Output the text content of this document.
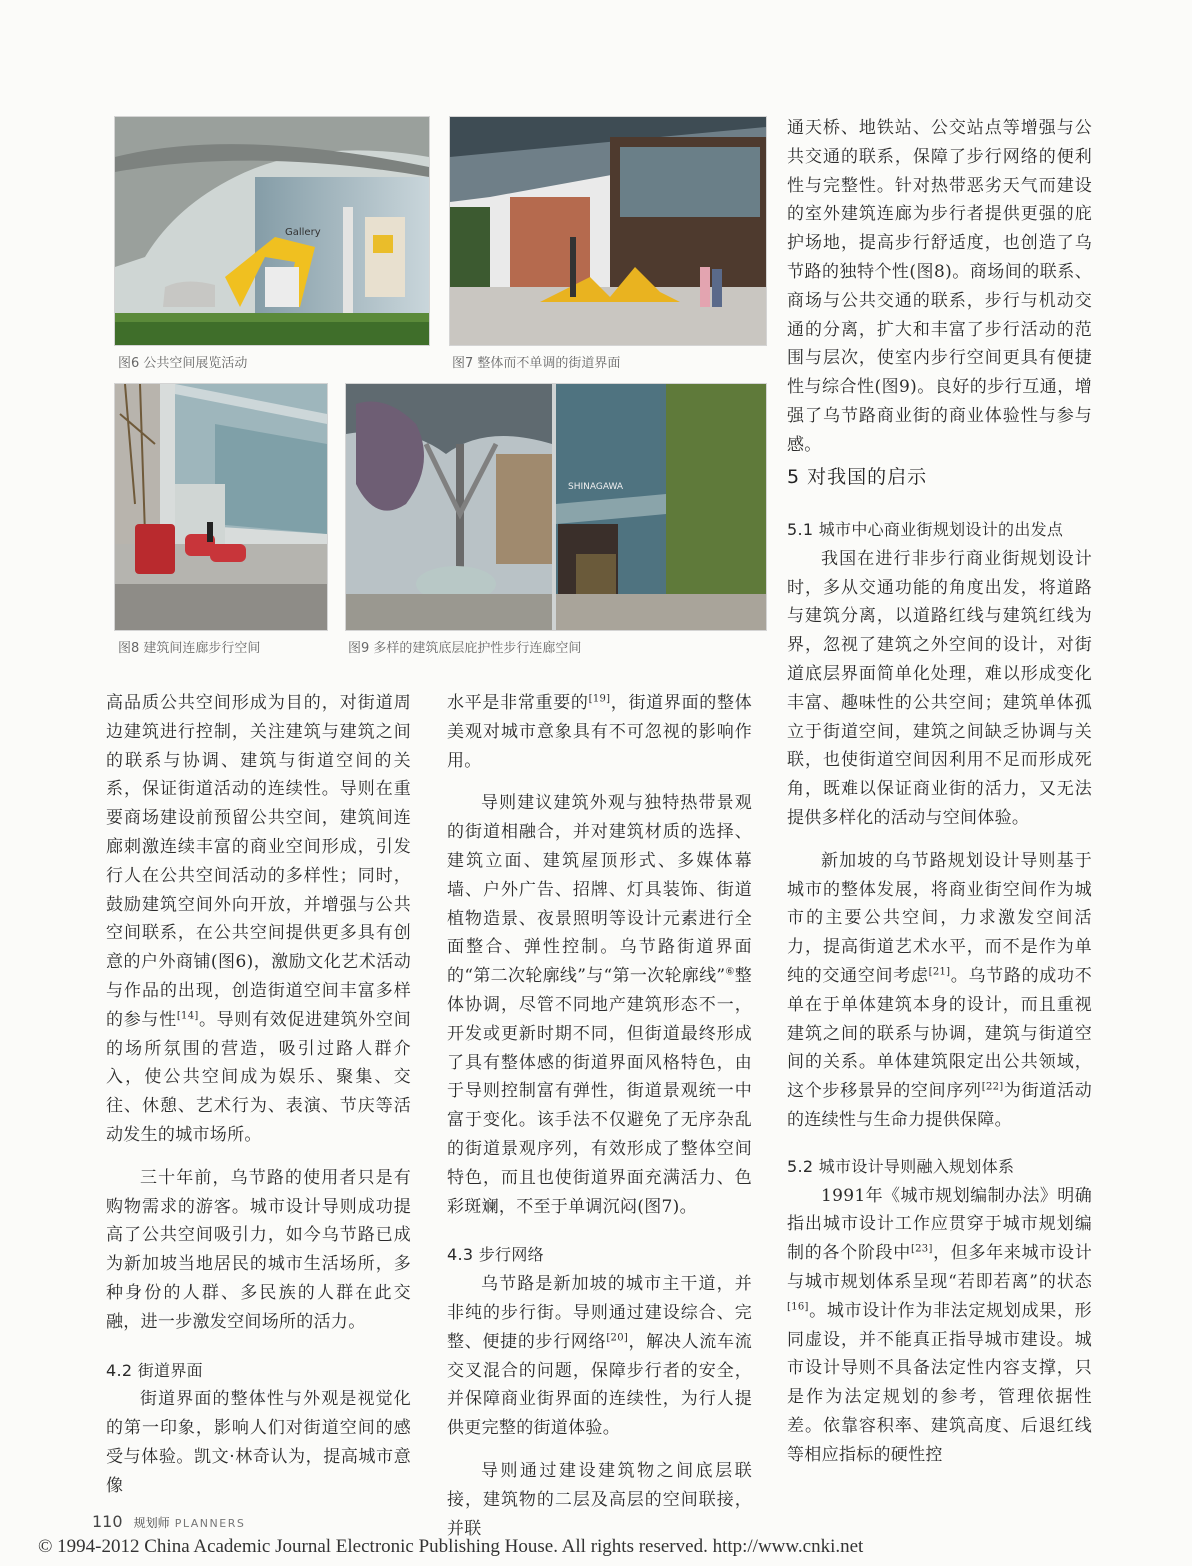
Gallery
图6 公共空间展览活动	图7 整体而不单调的街道界面
图8 建筑间连廊步行空间
SHINAGAWA
图9 多样的建筑底层庇护性步行连廊空间

高品质公共空间形成为目的，对街道周边建筑进行控制，关注建筑与建筑之间的联系与协调、建筑与街道空间的关系，保证街道活动的连续性。导则在重要商场建设前预留公共空间，建筑间连廊刺激连续丰富的商业空间形成，引发行人在公共空间活动的多样性；同时，鼓励建筑空间外向开放，并增强与公共空间联系，在公共空间提供更多具有创意的户外商铺(图6)，激励文化艺术活动与作品的出现，创造街道空间丰富多样的参与性[14]。导则有效促进建筑外空间的场所氛围的营造，吸引过路人群介入，使公共空间成为娱乐、聚集、交往、休憩、艺术行为、表演、节庆等活动发生的城市场所。

三十年前，乌节路的使用者只是有购物需求的游客。城市设计导则成功提高了公共空间吸引力，如今乌节路已成为新加坡当地居民的城市生活场所，多种身份的人群、多民族的人群在此交融，进一步激发空间场所的活力。

4.2 街道界面

街道界面的整体性与外观是视觉化的第一印象，影响人们对街道空间的感受与体验。凯文·林奇认为，提高城市意像

水平是非常重要的[19]，街道界面的整体美观对城市意象具有不可忽视的影响作用。

导则建议建筑外观与独特热带景观的街道相融合，并对建筑材质的选择、建筑立面、建筑屋顶形式、多媒体幕墙、户外广告、招牌、灯具装饰、街道植物造景、夜景照明等设计元素进行全面整合、弹性控制。乌节路街道界面的“第二次轮廓线”与“第一次轮廓线”⑥整体协调，尽管不同地产建筑形态不一，开发或更新时期不同，但街道最终形成了具有整体感的街道界面风格特色，由于导则控制富有弹性，街道景观统一中富于变化。该手法不仅避免了无序杂乱的街道景观序列，有效形成了整体空间特色，而且也使街道界面充满活力、色彩斑斓，不至于单调沉闷(图7)。

4.3 步行网络

乌节路是新加坡的城市主干道，并非纯的步行街。导则通过建设综合、完整、便捷的步行网络[20]，解决人流车流交叉混合的问题，保障步行者的安全，并保障商业街界面的连续性，为行人提供更完整的街道体验。

导则通过建设建筑物之间底层联接，建筑物的二层及高层的空间联接，并联

通天桥、地铁站、公交站点等增强与公共交通的联系，保障了步行网络的便利性与完整性。针对热带恶劣天气而建设的室外建筑连廊为步行者提供更强的庇护场地，提高步行舒适度，也创造了乌节路的独特个性(图8)。商场间的联系、商场与公共交通的联系，步行与机动交通的分离，扩大和丰富了步行活动的范围与层次，使室内步行空间更具有便捷性与综合性(图9)。良好的步行互通，增强了乌节路商业街的商业体验性与参与感。

5 对我国的启示

5.1 城市中心商业街规划设计的出发点

我国在进行非步行商业街规划设计时，多从交通功能的角度出发，将道路与建筑分离，以道路红线与建筑红线为界，忽视了建筑之外空间的设计，对街道底层界面简单化处理，难以形成变化丰富、趣味性的公共空间；建筑单体孤立于街道空间，建筑之间缺乏协调与关联，也使街道空间因利用不足而形成死角，既难以保证商业街的活力，又无法提供多样化的活动与空间体验。

新加坡的乌节路规划设计导则基于城市的整体发展，将商业街空间作为城市的主要公共空间，力求激发空间活力，提高街道艺术水平，而不是作为单纯的交通空间考虑[21]。乌节路的成功不单在于单体建筑本身的设计，而且重视建筑之间的联系与协调，建筑与街道空间的关系。单体建筑限定出公共领域，这个步移景异的空间序列[22]为街道活动的连续性与生命力提供保障。

5.2 城市设计导则融入规划体系

1991年《城市规划编制办法》明确指出城市设计工作应贯穿于城市规划编制的各个阶段中[23]，但多年来城市设计与城市规划体系呈现“若即若离”的状态[16]。城市设计作为非法定规划成果，形同虚设，并不能真正指导城市建设。城市设计导则不具备法定性内容支撑，只是作为法定规划的参考，管理依据性差。依靠容积率、建筑高度、后退红线等相应指标的硬性控

110 规划师 PLANNERS
© 1994-2012 China Academic Journal Electronic Publishing House. All rights reserved. http://www.cnki.net
